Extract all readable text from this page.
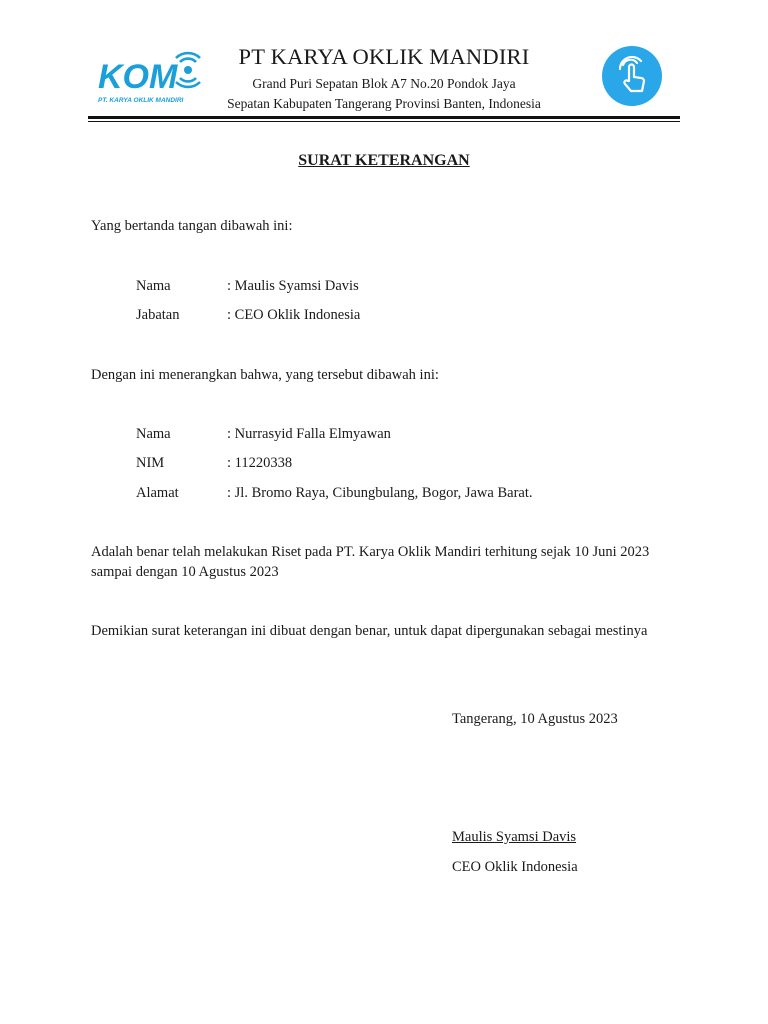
KOM
PT. KARYA OKLIK MANDIRI
PT KARYA OKLIK MANDIRI
Grand Puri Sepatan Blok A7 No.20 Pondok Jaya
Sepatan Kabupaten Tangerang Provinsi Banten, Indonesia
SURAT KETERANGAN
Yang bertanda tangan dibawah ini:
Nama	: Maulis Syamsi Davis
Jabatan	: CEO Oklik Indonesia
Dengan ini menerangkan bahwa, yang tersebut dibawah ini:
Nama	: Nurrasyid Falla Elmyawan
NIM	: 11220338
Alamat	: Jl. Bromo Raya, Cibungbulang, Bogor, Jawa Barat.
Adalah benar telah melakukan Riset pada PT. Karya Oklik Mandiri terhitung sejak 10 Juni 2023
sampai dengan 10 Agustus 2023
Demikian surat keterangan ini dibuat dengan benar, untuk dapat dipergunakan sebagai mestinya
Tangerang, 10 Agustus 2023
Maulis Syamsi Davis
CEO Oklik Indonesia
